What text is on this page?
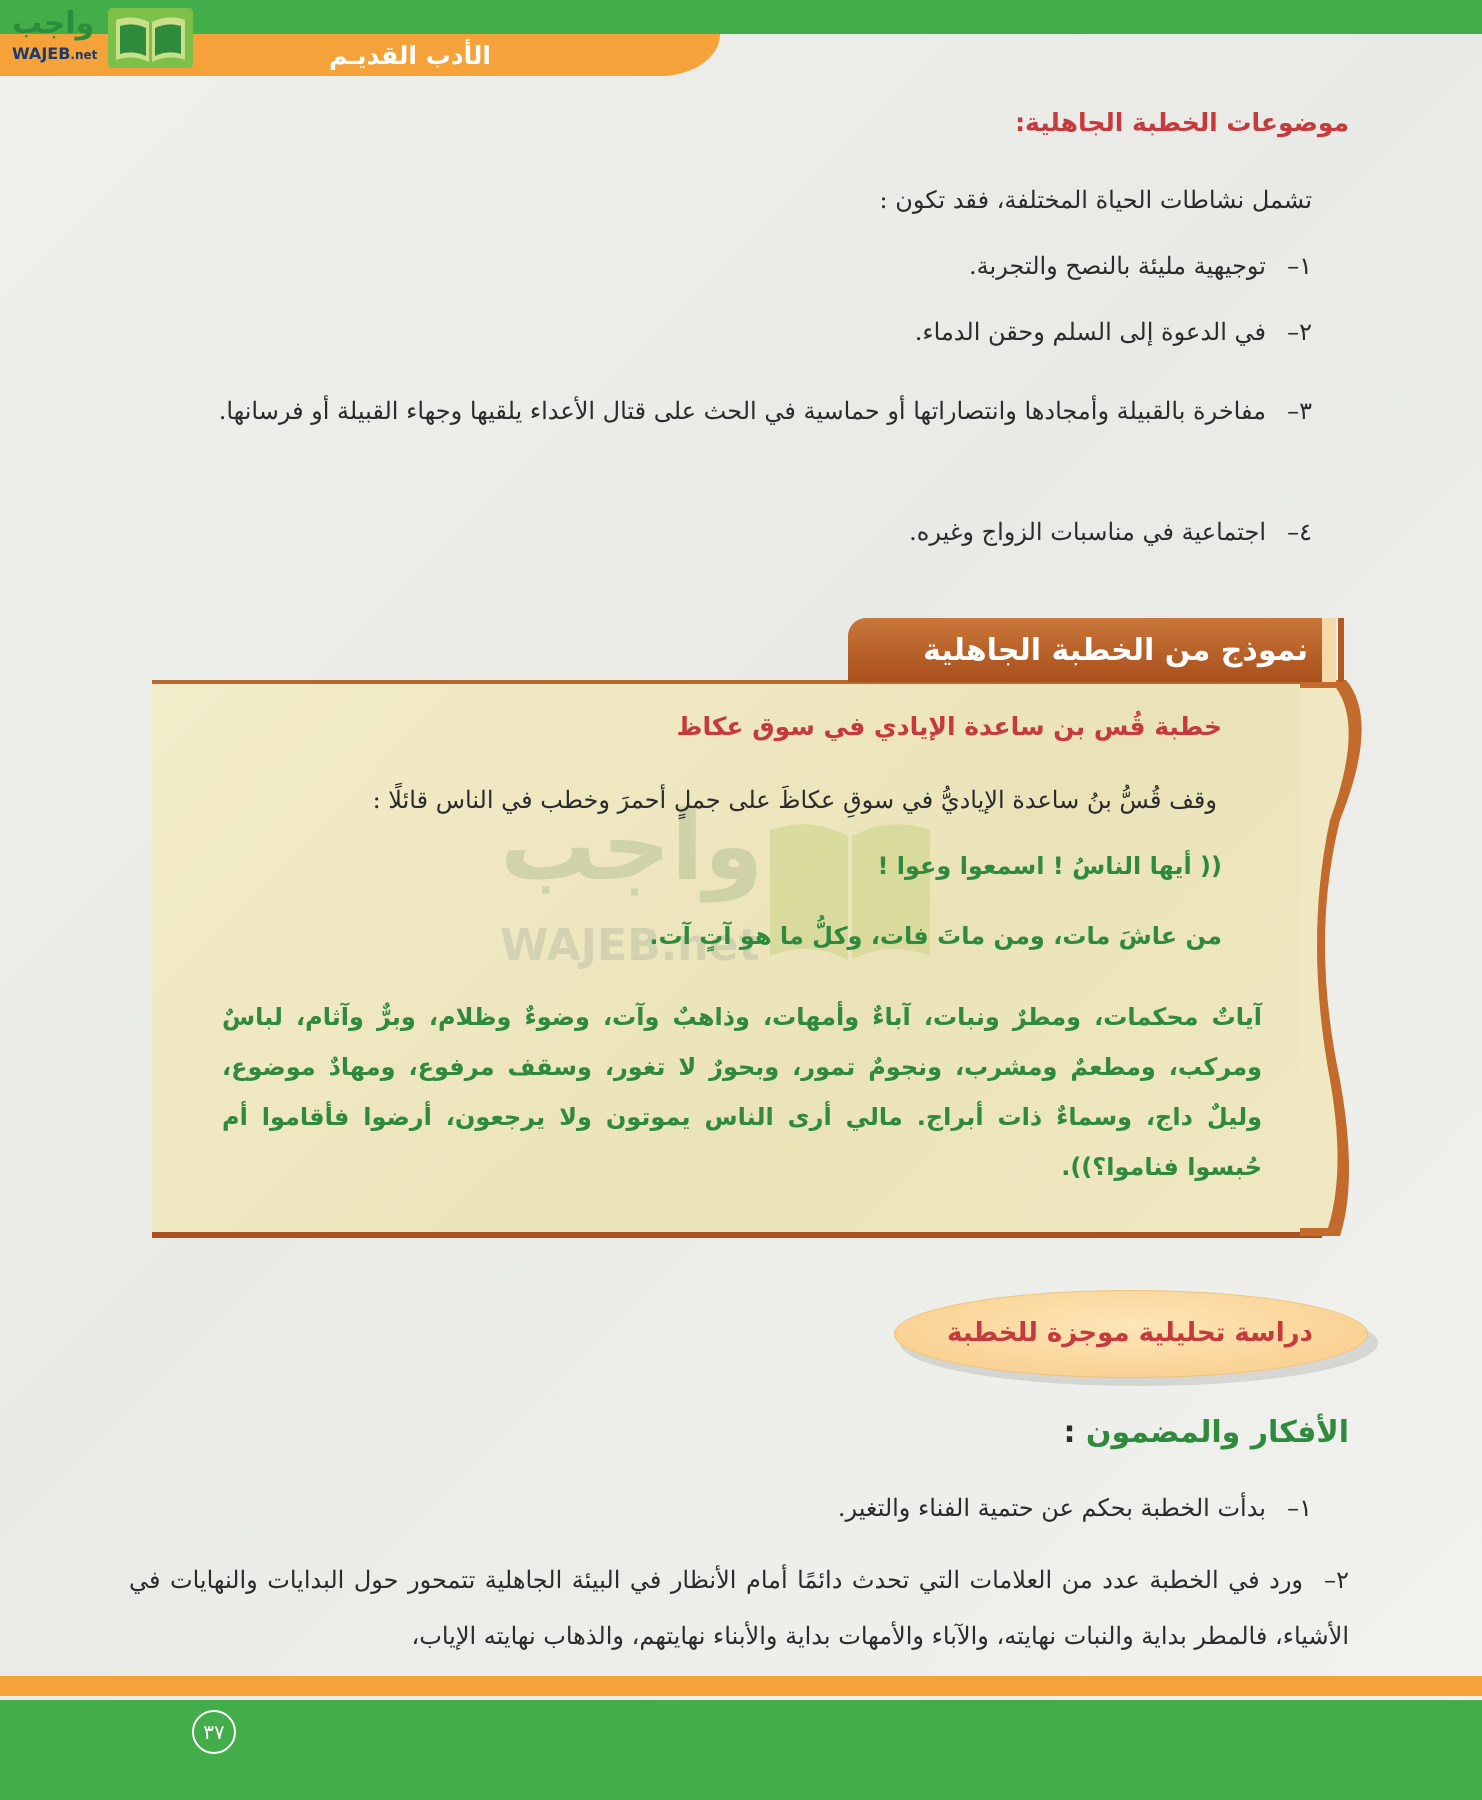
الأدب القديـم
واجب
WAJEB.net
موضوعات الخطبة الجاهلية:
تشمل نشاطات الحياة المختلفة، فقد تكون :
١–توجيهية مليئة بالنصح والتجربة.
٢–في الدعوة إلى السلم وحقن الدماء.
٣–مفاخرة بالقبيلة وأمجادها وانتصاراتها أو حماسية في الحث على قتال الأعداء يلقيها وجهاء القبيلة أو فرسانها.
٤–اجتماعية في مناسبات الزواج وغيره.
نموذج من الخطبة الجاهلية
واجب
WAJEB.net
خطبة قُس بن ساعدة الإيادي في سوق عكاظ
وقف قُسُّ بنُ ساعدة الإياديُّ في سوقِ عكاظَ على جملٍ أحمرَ وخطب في الناس قائلًا :
(( أيها الناسُ ! اسمعوا وعوا !
من عاشَ مات، ومن ماتَ فات، وكلُّ ما هو آتٍ آت.
آياتٌ محكمات، ومطرٌ ونبات، آباءٌ وأمهات، وذاهبٌ وآت، وضوءٌ وظلام، وبرٌّ وآثام، لباسٌ ومركب، ومطعمٌ ومشرب، ونجومٌ تمور، وبحورٌ لا تغور، وسقف مرفوع، ومهادٌ موضوع، وليلٌ داج، وسماءٌ ذات أبراج. مالي أرى الناس يموتون ولا يرجعون، أرضوا فأقاموا أم حُبسوا فناموا؟)).
دراسة تحليلية موجزة للخطبة
الأفكار والمضمون :
١–بدأت الخطبة بحكم عن حتمية الفناء والتغير.
٢–ورد في الخطبة عدد من العلامات التي تحدث دائمًا أمام الأنظار في البيئة الجاهلية تتمحور حول البدايات والنهايات في الأشياء، فالمطر بداية والنبات نهايته، والآباء والأمهات بداية والأبناء نهايتهم، والذهاب نهايته الإياب،
٣٧
